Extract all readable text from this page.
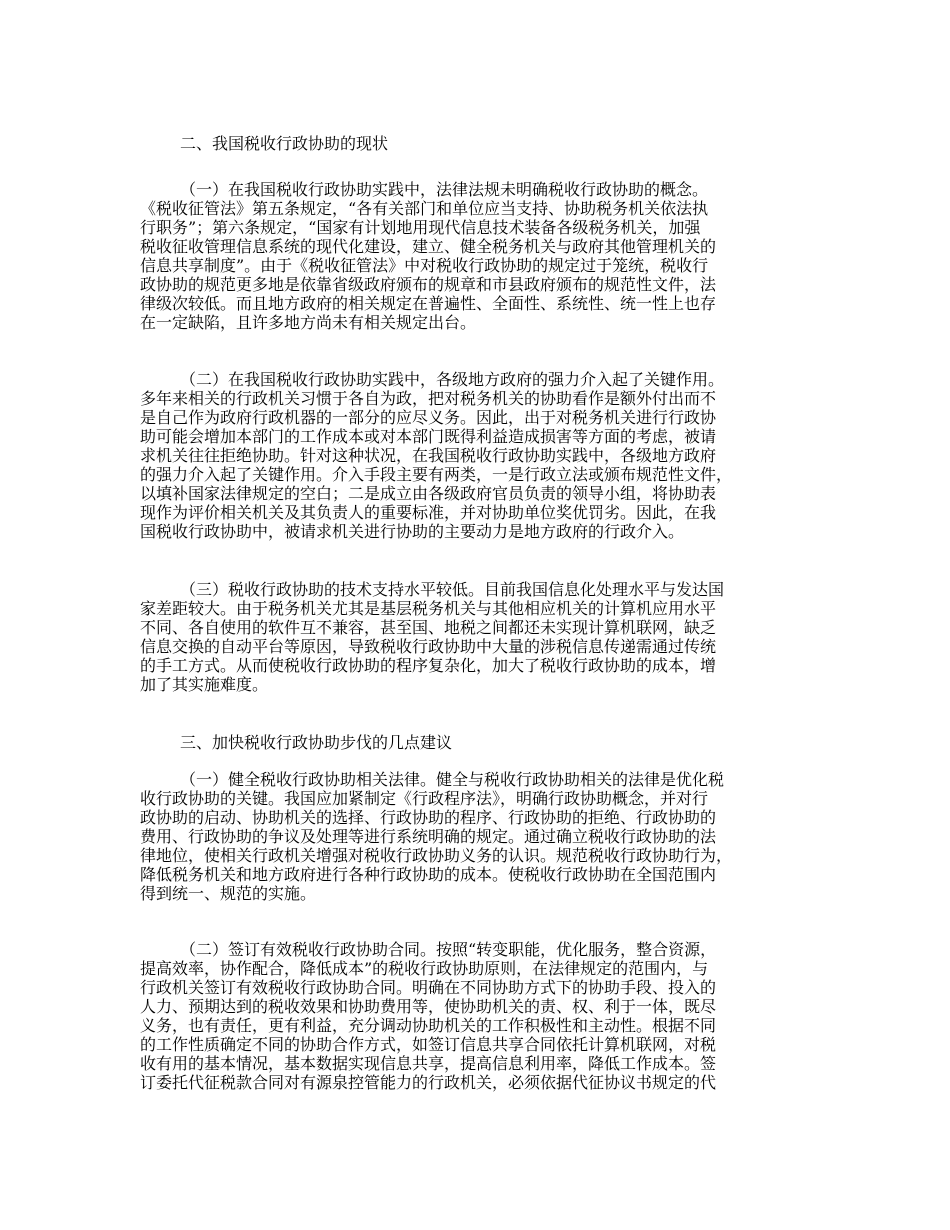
二、我国税收行政协助的现状
（一）在我国税收行政协助实践中，法律法规未明确税收行政协助的概念。
《税收征管法》第五条规定，“各有关部门和单位应当支持、协助税务机关依法执
行职务”；第六条规定，“国家有计划地用现代信息技术装备各级税务机关，加强
税收征收管理信息系统的现代化建设，建立、健全税务机关与政府其他管理机关的
信息共享制度”。由于《税收征管法》中对税收行政协助的规定过于笼统，税收行
政协助的规范更多地是依靠省级政府颁布的规章和市县政府颁布的规范性文件，法
律级次较低。而且地方政府的相关规定在普遍性、全面性、系统性、统一性上也存
在一定缺陷，且许多地方尚未有相关规定出台。
（二）在我国税收行政协助实践中，各级地方政府的强力介入起了关键作用。
多年来相关的行政机关习惯于各自为政，把对税务机关的协助看作是额外付出而不
是自己作为政府行政机器的一部分的应尽义务。因此，出于对税务机关进行行政协
助可能会增加本部门的工作成本或对本部门既得利益造成损害等方面的考虑，被请
求机关往往拒绝协助。针对这种状况，在我国税收行政协助实践中，各级地方政府
的强力介入起了关键作用。介入手段主要有两类，一是行政立法或颁布规范性文件，
以填补国家法律规定的空白；二是成立由各级政府官员负责的领导小组，将协助表
现作为评价相关机关及其负责人的重要标准，并对协助单位奖优罚劣。因此，在我
国税收行政协助中，被请求机关进行协助的主要动力是地方政府的行政介入。
（三）税收行政协助的技术支持水平较低。目前我国信息化处理水平与发达国
家差距较大。由于税务机关尤其是基层税务机关与其他相应机关的计算机应用水平
不同、各自使用的软件互不兼容，甚至国、地税之间都还未实现计算机联网，缺乏
信息交换的自动平台等原因，导致税收行政协助中大量的涉税信息传递需通过传统
的手工方式。从而使税收行政协助的程序复杂化，加大了税收行政协助的成本，增
加了其实施难度。
三、加快税收行政协助步伐的几点建议
（一）健全税收行政协助相关法律。健全与税收行政协助相关的法律是优化税
收行政协助的关键。我国应加紧制定《行政程序法》，明确行政协助概念，并对行
政协助的启动、协助机关的选择、行政协助的程序、行政协助的拒绝、行政协助的
费用、行政协助的争议及处理等进行系统明确的规定。通过确立税收行政协助的法
律地位，使相关行政机关增强对税收行政协助义务的认识。规范税收行政协助行为，
降低税务机关和地方政府进行各种行政协助的成本。使税收行政协助在全国范围内
得到统一、规范的实施。
（二）签订有效税收行政协助合同。按照“转变职能，优化服务，整合资源，
提高效率，协作配合，降低成本”的税收行政协助原则，在法律规定的范围内，与
行政机关签订有效税收行政协助合同。明确在不同协助方式下的协助手段、投入的
人力、预期达到的税收效果和协助费用等，使协助机关的责、权、利于一体，既尽
义务，也有责任，更有利益，充分调动协助机关的工作积极性和主动性。根据不同
的工作性质确定不同的协助合作方式，如签订信息共享合同依托计算机联网，对税
收有用的基本情况，基本数据实现信息共享，提高信息利用率，降低工作成本。签
订委托代征税款合同对有源泉控管能力的行政机关，必须依据代征协议书规定的代
